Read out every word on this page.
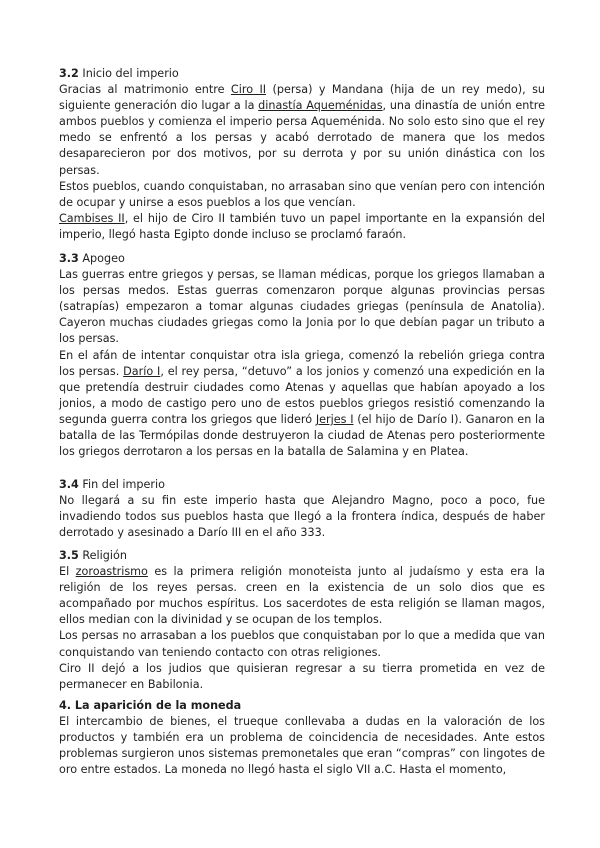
3.2 Inicio del imperio

Gracias al matrimonio entre Ciro II (persa) y Mandana (hija de un rey medo), su siguiente generación dio lugar a la dinastía Aqueménidas, una dinastía de unión entre ambos pueblos y comienza el imperio persa Aqueménida. No solo esto sino que el rey medo se enfrentó a los persas y acabó derrotado de manera que los medos desaparecieron por dos motivos, por su derrota y por su unión dinástica con los persas.

Estos pueblos, cuando conquistaban, no arrasaban sino que venían pero con intención de ocupar y unirse a esos pueblos a los que vencían.

Cambises II, el hijo de Ciro II también tuvo un papel importante en la expansión del imperio, llegó hasta Egipto donde incluso se proclamó faraón.

3.3 Apogeo

Las guerras entre griegos y persas, se llaman médicas, porque los griegos llamaban a los persas medos. Estas guerras comenzaron porque algunas provincias persas (satrapías) empezaron a tomar algunas ciudades griegas (península de Anatolia). Cayeron muchas ciudades griegas como la Jonia por lo que debían pagar un tributo a los persas.

En el afán de intentar conquistar otra isla griega, comenzó la rebelión griega contra los persas. Darío I, el rey persa, “detuvo” a los jonios y comenzó una expedición en la que pretendía destruir ciudades como Atenas y aquellas que habían apoyado a los jonios, a modo de castigo pero uno de estos pueblos griegos resistió comenzando la segunda guerra contra los griegos que lideró Jerjes I (el hijo de Darío I). Ganaron en la batalla de las Termópilas donde destruyeron la ciudad de Atenas pero posteriormente los griegos derrotaron a los persas en la batalla de Salamina y en Platea.

3.4 Fin del imperio

No llegará a su fin este imperio hasta que Alejandro Magno, poco a poco, fue invadiendo todos sus pueblos hasta que llegó a la frontera índica, después de haber derrotado y asesinado a Darío III en el año 333.

3.5 Religión

El zoroastrismo es la primera religión monoteista junto al judaísmo y esta era la religión de los reyes persas. creen en la existencia de un solo dios que es acompañado por muchos espíritus. Los sacerdotes de esta religión se llaman magos, ellos median con la divinidad y se ocupan de los templos.

Los persas no arrasaban a los pueblos que conquistaban por lo que a medida que van conquistando van teniendo contacto con otras religiones.

Ciro II dejó a los judios que quisieran regresar a su tierra prometida en vez de permanecer en Babilonia.

4. La aparición de la moneda

El intercambio de bienes, el trueque conllevaba a dudas en la valoración de los productos y también era un problema de coincidencia de necesidades. Ante estos problemas surgieron unos sistemas premonetales que eran “compras” con lingotes de oro entre estados. La moneda no llegó hasta el siglo VII a.C. Hasta el momento,
